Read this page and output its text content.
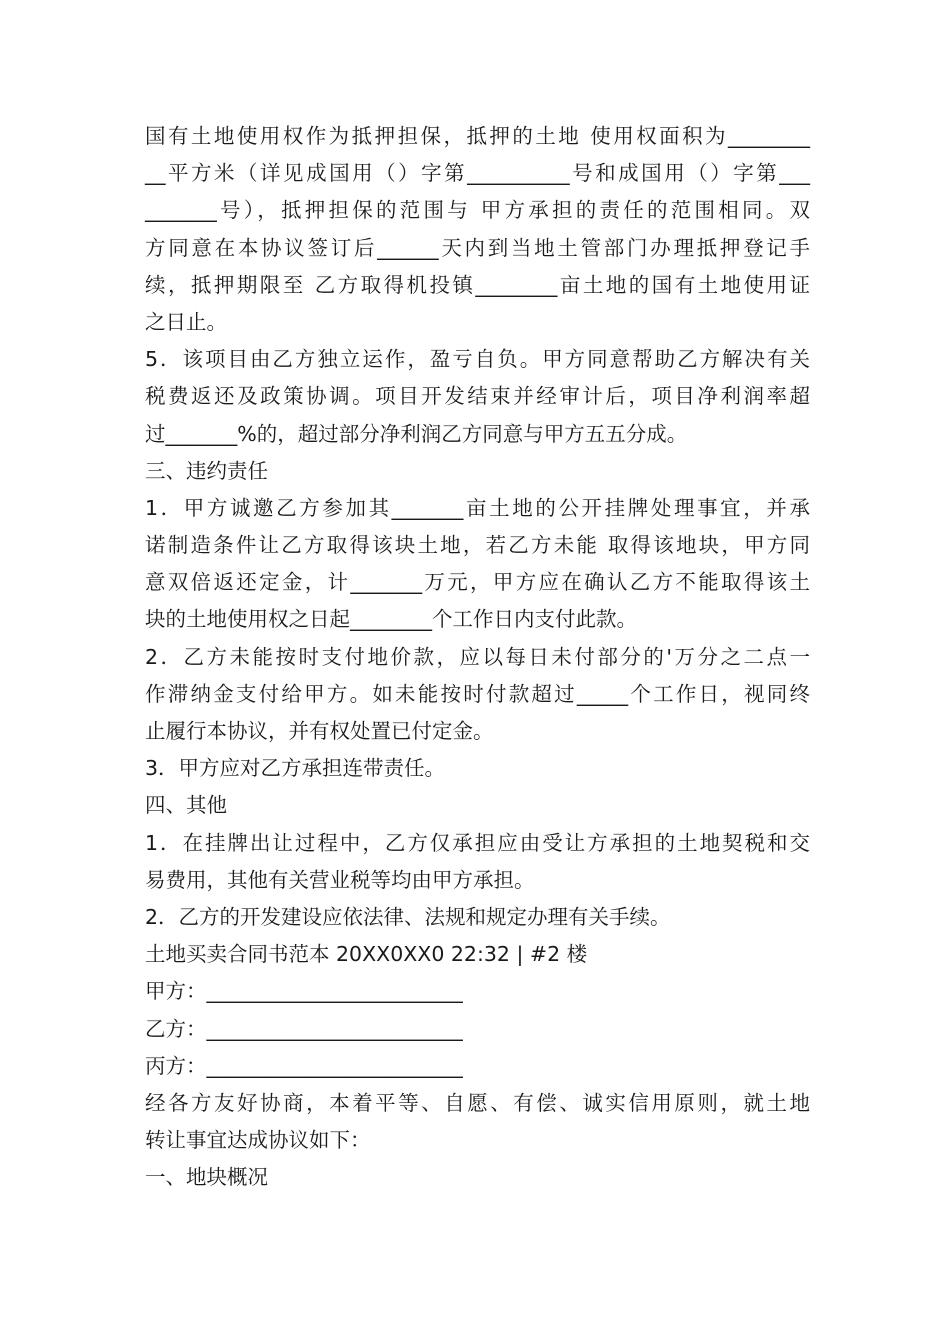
国有土地使用权作为抵押担保，抵押的土地 使用权面积为________
__平方米（详见成国用（）字第__________号和成国用（）字第___
_______号），抵押担保的范围与 甲方承担的责任的范围相同。双
方同意在本协议签订后______天内到当地土管部门办理抵押登记手
续，抵押期限至 乙方取得机投镇________亩土地的国有土地使用证
之日止。
5．该项目由乙方独立运作，盈亏自负。甲方同意帮助乙方解决有关
税费返还及政策协调。项目开发结束并经审计后，项目净利润率超
过_______%的，超过部分净利润乙方同意与甲方五五分成。
三、违约责任
1．甲方诚邀乙方参加其_______亩土地的公开挂牌处理事宜，并承
诺制造条件让乙方取得该块土地，若乙方未能 取得该地块，甲方同
意双倍返还定金，计_______万元，甲方应在确认乙方不能取得该土
块的土地使用权之日起________个工作日内支付此款。
2．乙方未能按时支付地价款，应以每日未付部分的'万分之二点一
作滞纳金支付给甲方。如未能按时付款超过_____个工作日，视同终
止履行本协议，并有权处置已付定金。
3．甲方应对乙方承担连带责任。
四、其他
1．在挂牌出让过程中，乙方仅承担应由受让方承担的土地契税和交
易费用，其他有关营业税等均由甲方承担。
2．乙方的开发建设应依法律、法规和规定办理有关手续。
土地买卖合同书范本 20XX0XX0 22:32 | #2 楼
甲方：_________________________
乙方：_________________________
丙方：_________________________
经各方友好协商，本着平等、自愿、有偿、诚实信用原则，就土地
转让事宜达成协议如下：
一、地块概况
